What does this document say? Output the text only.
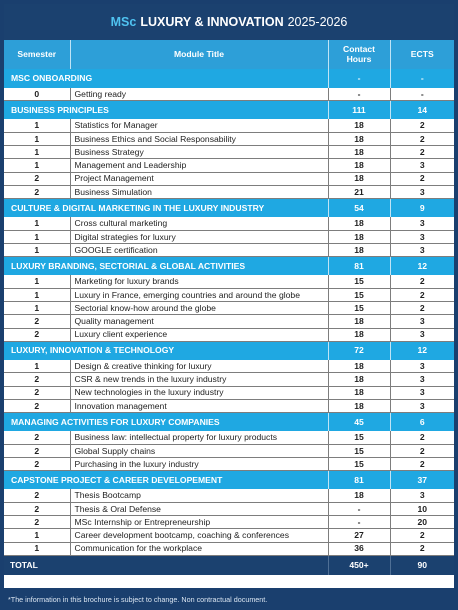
MSc LUXURY & INNOVATION 2025-2026
Semester	Module Title	Contact Hours	ECTS
MSC ONBOARDING		-	-
0	Getting ready	-	-
BUSINESS PRINCIPLES		111	14
1	Statistics for Manager	18	2
1	Business Ethics and Social Responsability	18	2
1	Business Strategy	18	2
1	Management and Leadership	18	3
2	Project Management	18	2
2	Business Simulation	21	3
CULTURE & DIGITAL MARKETING IN THE LUXURY INDUSTRY		54	9
1	Cross cultural marketing	18	3
1	Digital strategies for luxury	18	3
1	GOOGLE certification	18	3
LUXURY BRANDING, SECTORIAL & GLOBAL ACTIVITIES		81	12
1	Marketing for luxury brands	15	2
1	Luxury in France, emerging countries and around the globe	15	2
1	Sectorial know-how around the globe	15	2
2	Quality management	18	3
2	Luxury client experience	18	3
LUXURY, INNOVATION & TECHNOLOGY		72	12
1	Design & creative thinking for luxury	18	3
2	CSR & new trends in the luxury industry	18	3
2	New technologies in the luxury industry	18	3
2	Innovation management	18	3
MANAGING ACTIVITIES FOR LUXURY COMPANIES		45	6
2	Business law: intellectual property for luxury products	15	2
2	Global Supply chains	15	2
2	Purchasing in the luxury industry	15	2
CAPSTONE PROJECT & CAREER DEVELOPEMENT		81	37
2	Thesis Bootcamp	18	3
2	Thesis & Oral Defense	-	10
2	MSc Internship or Entrepreneurship	-	20
1	Career development bootcamp, coaching & conferences	27	2
1	Communication for the workplace	36	2
TOTAL		450+	90
*The information in this brochure is subject to change. Non contractual document.
